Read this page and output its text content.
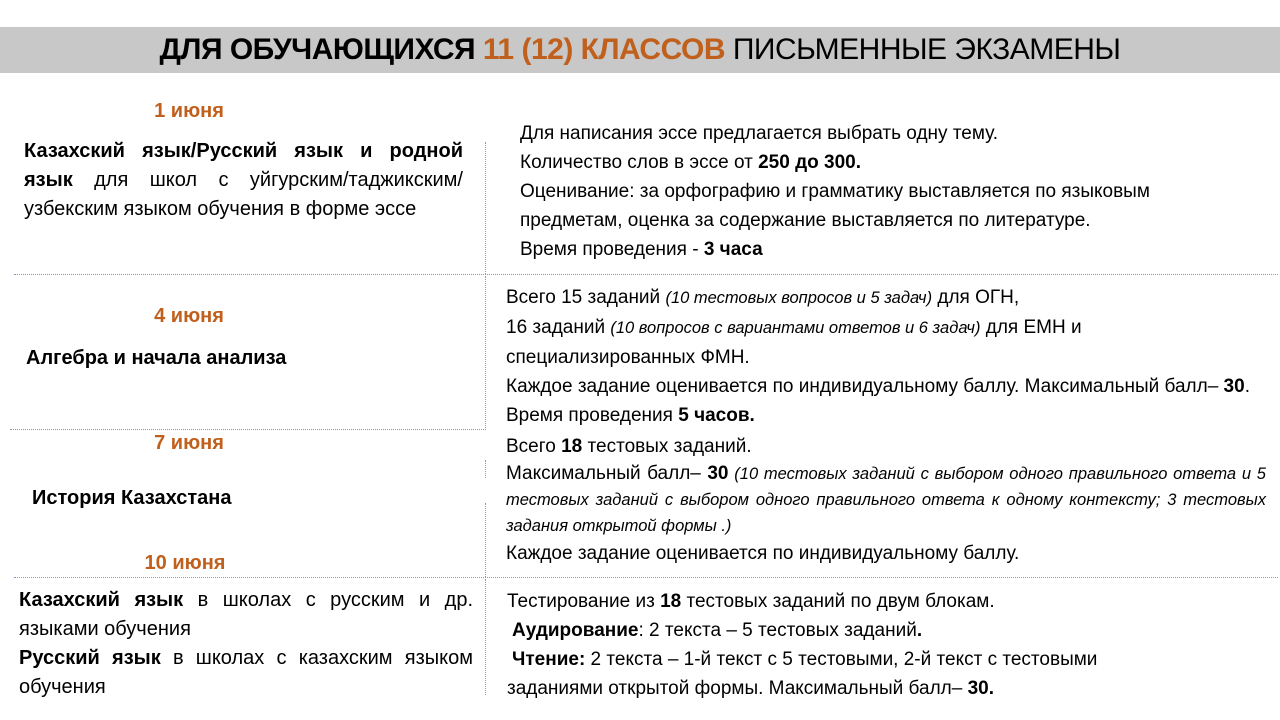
ДЛЯ ОБУЧАЮЩИХСЯ 11 (12) КЛАССОВ ПИСЬМЕННЫЕ ЭКЗАМЕНЫ
1 июня
Казахский язык/Русский язык и родной язык для школ с уйгурским/таджикским/узбекским языком обучения в форме эссе

Для написания эссе предлагается выбрать одну тему.

Количество слов в эссе от 250 до 300.

Оценивание: за орфографию и грамматику выставляется по языковым предметам, оценка за содержание выставляется по литературе.

Время проведения - 3 часа

4 июня
Алгебра и начала анализа

Всего 15 заданий (10 тестовых вопросов и 5 задач) для ОГН,

16 заданий (10 вопросов с вариантами ответов и 6 задач) для ЕМН и специализированных ФМН.

Каждое задание оценивается по индивидуальному баллу. Максимальный балл– 30. Время проведения 5 часов.

7 июня
История Казахстана

Всего 18 тестовых заданий.

Максимальный балл– 30 (10 тестовых заданий с выбором одного правильного ответа и 5 тестовых заданий с выбором одного правильного ответа к одному контексту; 3 тестовых задания открытой формы .)

Каждое задание оценивается по индивидуальному баллу.

10 июня

Казахский язык в школах с русским и др. языками обучения

Русский язык в школах с казахским языком обучения

Тестирование из 18 тестовых заданий по двум блокам.

Аудирование: 2 текста – 5 тестовых заданий.

Чтение: 2 текста – 1-й текст с 5 тестовыми, 2-й текст с тестовыми заданиями открытой формы. Максимальный балл– 30.
